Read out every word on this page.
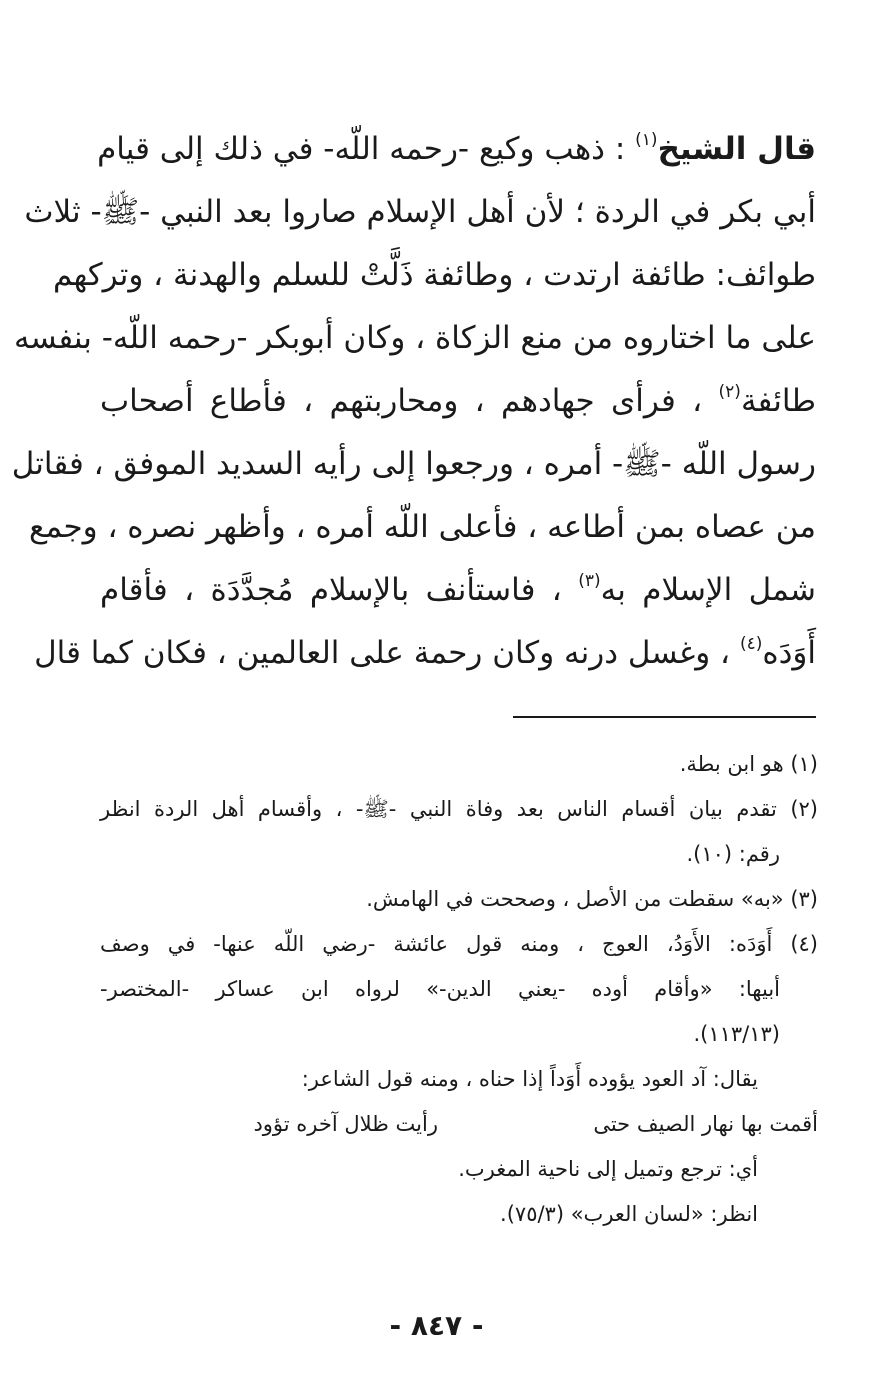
قال الشيخ$^{(١)}$ : ذهب وكيع -رحمه اللّه- في ذلك إلى قيام
أبي بكر في الردة ؛ لأن أهل الإسلام صاروا بعد النبي -ﷺ- ثلاث
طوائف: طائفة ارتدت ، وطائفة ذَلَّتْ للسلم والهدنة ، وتركهم
على ما اختاروه من منع الزكاة ، وكان أبوبكر -رحمه اللّه- بنفسه
طائفة$^{(٢)}$ ، فرأى جهادهم ، ومحاربتهم ، فأطاع أصحاب
رسول اللّه -ﷺ- أمره ، ورجعوا إلى رأيه السديد الموفق ، فقاتل
من عصاه بمن أطاعه ، فأعلى اللّه أمره ، وأظهر نصره ، وجمع
شمل الإسلام به$^{(٣)}$ ، فاستأنف بالإسلام مُجدَّدَة ، فأقام
أَوَدَه$^{(٤)}$ ، وغسل درنه وكان رحمة على العالمين ، فكان كما قال
(١) هو ابن بطة.
(٢) تقدم بيان أقسام الناس بعد وفاة النبي -ﷺ- ، وأقسام أهل الردة انظر
رقم: (١٠).
(٣) «به» سقطت من الأصل ، وصححت في الهامش.
(٤) أَوَدَه: الأَوَدُ، العوج ، ومنه قول عائشة -رضي اللّه عنها- في وصف
أبيها: «وأقام أوده -يعني الدين-» لرواه ابن عساكر -المختصر-
(١١٣/١٣).
يقال: آد العود يؤوده أَوَداً إذا حناه ، ومنه قول الشاعر:
أقمت بها نهار الصيف حتى
رأيت ظلال آخره تؤود
أي: ترجع وتميل إلى ناحية المغرب.
انظر: «لسان العرب» (٧٥/٣).
- ٨٤٧ -
